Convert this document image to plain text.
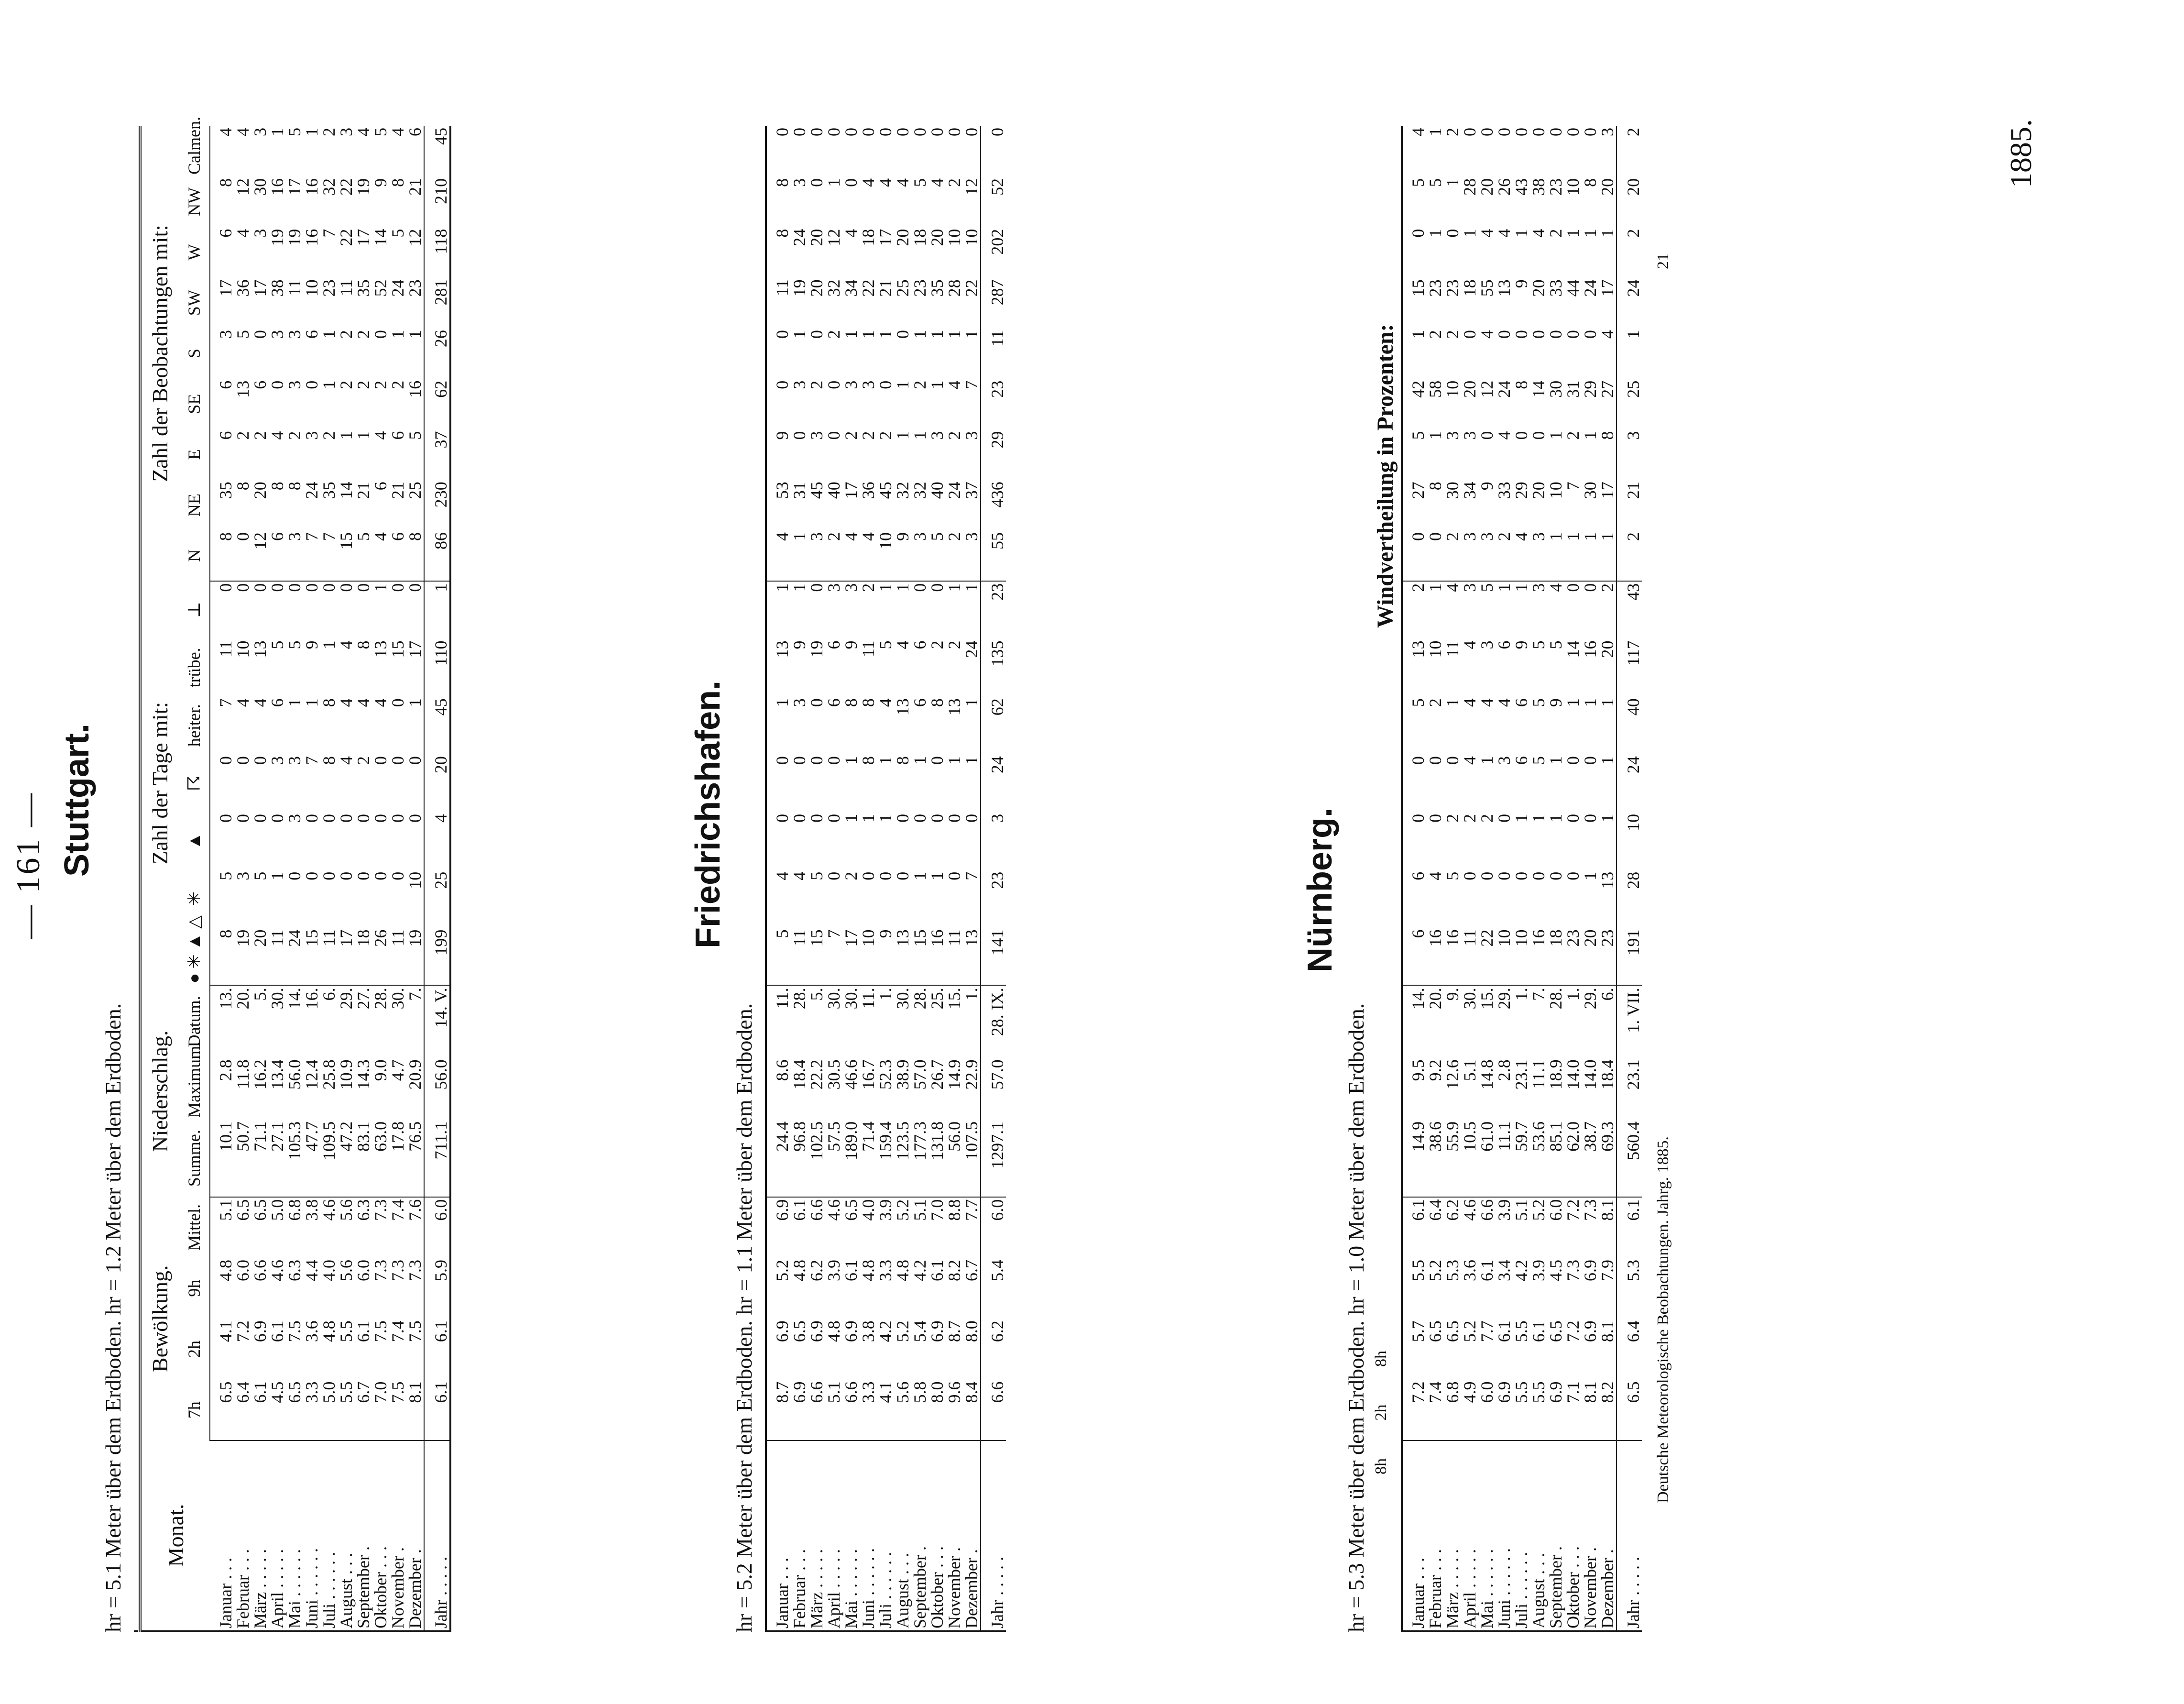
— 161 —
1885.
Stuttgart.
hr = 5.1 Meter über dem Erdboden. hr = 1.2 Meter über dem Erdboden. Monat.	Bewölkung.				Niederschlag.			Zahl der Tage mit:							Zahl der Beobachtungen mit:								
	7h	2h	9h	Mittel.	Summe.	Maximum.	Datum.	● ✳ ▲ △	✳	▲	☈	heiter.	trübe.	⊥	N	NE	E	SE	S	SW	W	NW	Calmen.
Januar . . .	6.5	4.1	4.8	5.1	10.1	2.8	13.	8	5	0	0	7	11	0	8	35	6	6	3	17	6	8	4
Februar . . .	6.4	7.2	6.0	6.5	50.7	11.8	20.	19	3	0	0	4	10	0	0	8	2	13	5	36	4	12	4
März . . . . .	6.1	6.9	6.6	6.5	71.1	16.2	5.	20	5	0	0	4	13	0	12	20	2	6	0	17	3	30	3
April . . . . .	4.5	6.1	4.6	5.0	27.1	13.4	30.	11	1	0	3	6	5	0	6	8	4	0	3	38	19	16	1
Mai . . . . . .	6.5	7.5	6.3	6.8	105.3	56.0	14.	24	0	3	3	1	5	0	3	8	2	3	3	11	19	17	5
Juni . . . . . .	3.3	3.6	4.4	3.8	47.7	12.4	16.	15	0	0	7	1	9	0	7	24	3	0	6	10	16	16	1
Juli . . . . . .	5.0	4.8	4.0	4.6	109.5	25.8	6.	11	0	0	8	8	1	0	7	35	2	1	1	23	7	32	2
August . . .	5.5	5.5	5.6	5.6	47.2	10.9	29.	17	0	0	4	4	4	0	15	14	1	2	2	11	22	22	3
September .	6.7	6.1	6.0	6.3	83.1	14.3	27.	18	0	0	2	4	8	0	5	21	1	2	2	35	17	19	4
Oktober . . .	7.0	7.5	7.3	7.3	63.0	9.0	28.	26	0	0	0	4	13	1	4	6	4	2	0	52	14	9	5
November .	7.5	7.4	7.3	7.4	17.8	4.7	30.	11	0	0	0	0	15	0	6	21	6	2	1	24	5	8	4
Dezember .	8.1	7.5	7.3	7.6	76.5	20.9	7.	19	10	0	0	1	17	0	8	25	5	16	1	23	12	21	6
Jahr . . . . .	6.1	6.1	5.9	6.0	711.1	56.0	14. V.	199	25	4	20	45	110	1	86	230	37	62	26	281	118	210	45
Friedrichshafen.
hr = 5.2 Meter über dem Erdboden. hr = 1.1 Meter über dem Erdboden. Januar . . .	8.7	6.9	5.2	6.9	24.4	8.6	11.	5	4	0	0	1	13	1	4	53	9	0	0	11	8	8	0
Februar . . .	6.9	6.5	4.8	6.1	96.8	18.4	28.	11	4	0	0	3	9	1	1	31	0	3	1	19	24	3	0
März . . . . .	6.6	6.9	6.2	6.6	102.5	22.2	5.	15	5	0	0	0	19	0	3	45	3	2	0	20	20	0	0
April . . . . .	5.1	4.8	3.9	4.6	57.5	30.5	30.	7	0	0	0	6	6	3	2	40	0	0	2	32	12	1	0
Mai . . . . . .	6.6	6.9	6.1	6.5	189.0	46.6	30.	17	2	1	1	8	9	3	4	17	2	3	1	34	4	0	0
Juni . . . . . .	3.3	3.8	4.8	4.0	71.4	16.7	11.	10	0	1	8	8	11	2	4	36	2	3	1	22	18	4	0
Juli . . . . . .	4.1	4.2	3.3	3.9	159.4	52.3	1.	9	0	1	1	4	5	1	10	45	2	0	1	21	17	4	0
August . . .	5.6	5.2	4.8	5.2	123.5	38.9	30.	13	0	0	8	13	4	1	9	32	1	1	0	25	20	4	0
September .	5.8	5.4	4.2	5.1	177.3	57.0	28.	15	1	0	1	6	6	0	3	32	1	2	1	23	18	5	0
Oktober . . .	8.0	6.9	6.1	7.0	131.8	26.7	25.	16	1	0	0	8	2	0	5	40	3	1	1	35	20	4	0
November .	9.6	8.7	8.2	8.8	56.0	14.9	15.	11	0	0	1	13	2	1	2	24	2	4	1	28	10	2	0
Dezember .	8.4	8.0	6.7	7.7	107.5	22.9	1.	13	7	0	1	1	24	1	3	37	3	7	1	22	10	12	0
Jahr . . . . .	6.6	6.2	5.4	6.0	1297.1	57.0	28. IX.	141	23	3	24	62	135	23	55	436	29	23	11	287	202	52	0
Nürnberg.
hr = 5.3 Meter über dem Erdboden. hr = 1.0 Meter über dem Erdboden.
Windvertheilung in Prozenten:
8h 2h 8h
Januar . . .	7.2	5.7	5.5	6.1	14.9	9.5	14.	6	6	0	0	5	13	2	0	27	5	42	1	15	0	5	4
Februar . . .	7.4	6.5	5.2	6.4	38.6	9.2	20.	16	4	0	0	2	10	1	0	8	1	58	2	23	1	5	1
März . . . . .	6.8	6.5	5.3	6.2	55.9	12.6	9.	16	5	2	0	1	11	4	2	30	3	10	2	23	0	1	2
April . . . . .	4.9	5.2	3.6	4.6	10.5	5.1	30.	11	0	2	4	4	4	3	3	34	3	20	0	18	1	28	0
Mai . . . . . .	6.0	7.7	6.1	6.6	61.0	14.8	15.	22	0	2	1	4	3	5	3	9	0	12	4	55	4	20	0
Juni . . . . . .	6.9	6.1	3.4	3.9	11.1	2.8	29.	10	0	0	3	4	6	1	2	33	4	24	0	13	4	26	0
Juli . . . . . .	5.5	5.5	4.2	5.1	59.7	23.1	1.	10	0	1	6	6	9	1	4	29	0	8	0	9	1	43	0
August . . .	5.5	6.1	3.9	5.2	53.6	11.1	7.	16	0	1	5	5	5	3	3	20	0	14	0	20	4	38	0
September .	6.9	6.5	4.5	6.0	85.1	18.9	28.	18	0	1	1	9	5	4	1	10	1	30	0	33	2	23	0
Oktober . . .	7.1	7.2	7.3	7.2	62.0	14.0	1.	23	0	0	0	1	14	0	1	7	2	31	0	44	1	10	0
November .	8.1	6.9	6.9	7.3	38.7	14.0	29.	20	1	0	0	1	16	0	1	30	1	29	0	24	1	8	0
Dezember .	8.2	8.1	7.9	8.1	69.3	18.4	6.	23	13	1	1	1	20	2	1	17	8	27	4	17	1	20	3
Jahr . . . . .	6.5	6.4	5.3	6.1	560.4	23.1	1. VII.	191	28	10	24	40	117	43	2	21	3	25	1	24	2	20	2
Deutsche Meteorologische Beobachtungen. Jahrg. 1885.
21
